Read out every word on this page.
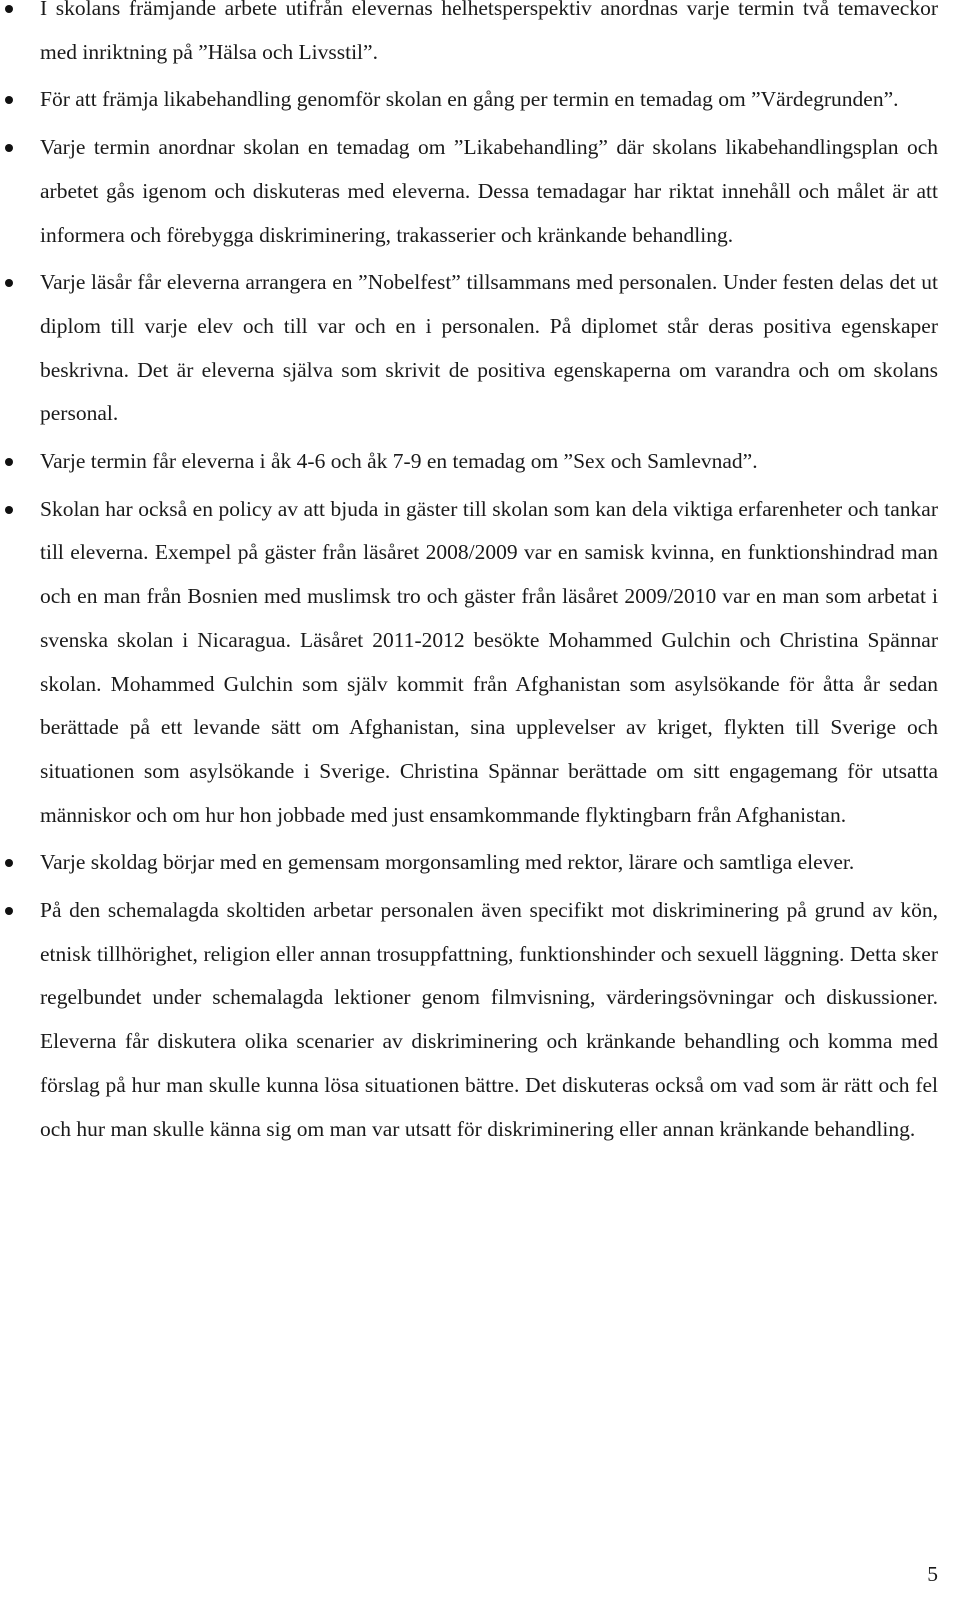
I skolans främjande arbete utifrån elevernas helhetsperspektiv anordnas varje termin två temaveckor med inriktning på ”Hälsa och Livsstil”.
För att främja likabehandling genomför skolan en gång per termin en temadag om ”Värdegrunden”.
Varje termin anordnar skolan en temadag om ”Likabehandling” där skolans likabehandlingsplan och arbetet gås igenom och diskuteras med eleverna. Dessa temadagar har riktat innehåll och målet är att informera och förebygga diskriminering, trakasserier och kränkande behandling.
Varje läsår får eleverna arrangera en ”Nobelfest” tillsammans med personalen. Under festen delas det ut diplom till varje elev och till var och en i personalen. På diplomet står deras positiva egenskaper beskrivna. Det är eleverna själva som skrivit de positiva egenskaperna om varandra och om skolans personal.
Varje termin får eleverna i åk 4-6 och åk 7-9 en temadag om ”Sex och Samlevnad”.
Skolan har också en policy av att bjuda in gäster till skolan som kan dela viktiga erfarenheter och tankar till eleverna. Exempel på gäster från läsåret 2008/2009 var en samisk kvinna, en funktionshindrad man och en man från Bosnien med muslimsk tro och gäster från läsåret 2009/2010 var en man som arbetat i svenska skolan i Nicaragua. Läsåret 2011-2012 besökte Mohammed Gulchin och Christina Spännar skolan. Mohammed Gulchin som själv kommit från Afghanistan som asylsökande för åtta år sedan berättade på ett levande sätt om Afghanistan, sina upplevelser av kriget, flykten till Sverige och situationen som asylsökande i Sverige. Christina Spännar berättade om sitt engagemang för utsatta människor och om hur hon jobbade med just ensamkommande flyktingbarn från Afghanistan.
Varje skoldag börjar med en gemensam morgonsamling med rektor, lärare och samtliga elever.
På den schemalagda skoltiden arbetar personalen även specifikt mot diskriminering på grund av kön, etnisk tillhörighet, religion eller annan trosuppfattning, funktionshinder och sexuell läggning. Detta sker regelbundet under schemalagda lektioner genom filmvisning, värderingsövningar och diskussioner. Eleverna får diskutera olika scenarier av diskriminering och kränkande behandling och komma med förslag på hur man skulle kunna lösa situationen bättre. Det diskuteras också om vad som är rätt och fel och hur man skulle känna sig om man var utsatt för diskriminering eller annan kränkande behandling.
5
